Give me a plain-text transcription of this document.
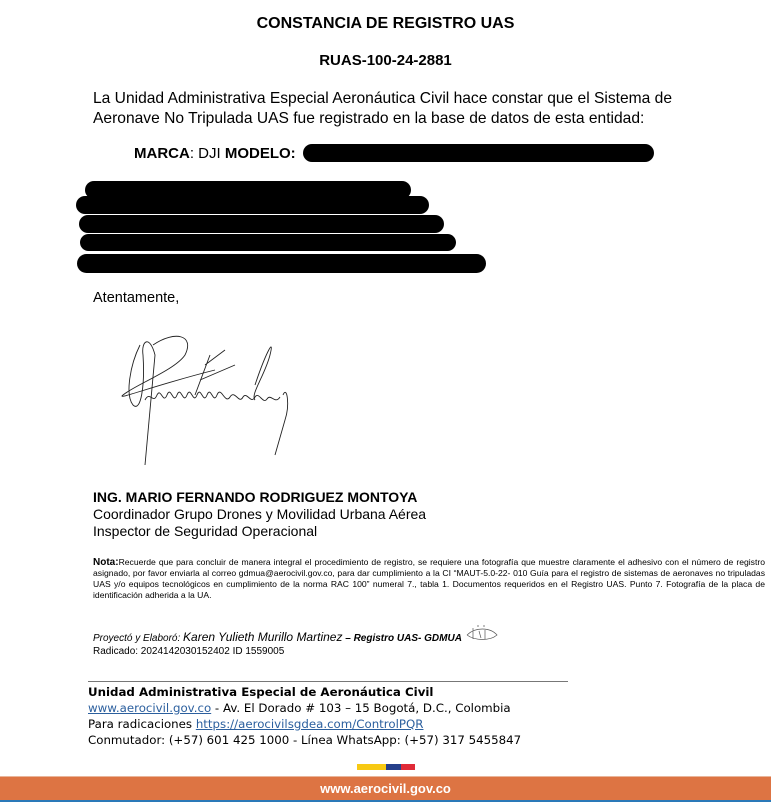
CONSTANCIA DE REGISTRO UAS
RUAS-100-24-2881
La Unidad Administrativa Especial Aeronáutica Civil hace constar que el Sistema de Aeronave No Tripulada UAS fue registrado en la base de datos de esta entidad:
MARCA: DJI MODELO:
Atentamente,
ING. MARIO FERNANDO RODRIGUEZ MONTOYA
Coordinador Grupo Drones y Movilidad Urbana Aérea
Inspector de Seguridad Operacional
Nota:Recuerde que para concluir de manera integral el procedimiento de registro, se requiere una fotografía que muestre claramente el adhesivo con el número de registro asignado, por favor enviarla al correo gdmua@aerocivil.gov.co, para dar cumplimiento a la CI “MAUT-5.0-22- 010 Guía para el registro de sistemas de aeronaves no tripuladas UAS y/o equipos tecnológicos en cumplimiento de la norma RAC 100” numeral 7., tabla 1. Documentos requeridos en el Registro UAS. Punto 7. Fotografía de la placa de identificación adherida a la UA.
Proyectó y Elaboró: Karen Yulieth Murillo Martinez – Registro UAS- GDMUA
Radicado: 2024142030152402 ID 1559005
Unidad Administrativa Especial de Aeronáutica Civil
www.aerocivil.gov.co - Av. El Dorado # 103 – 15 Bogotá, D.C., Colombia
Para radicaciones https://aerocivilsgdea.com/ControlPQR
Conmutador: (+57) 601 425 1000 - Línea WhatsApp: (+57) 317 5455847
www.aerocivil.gov.co
